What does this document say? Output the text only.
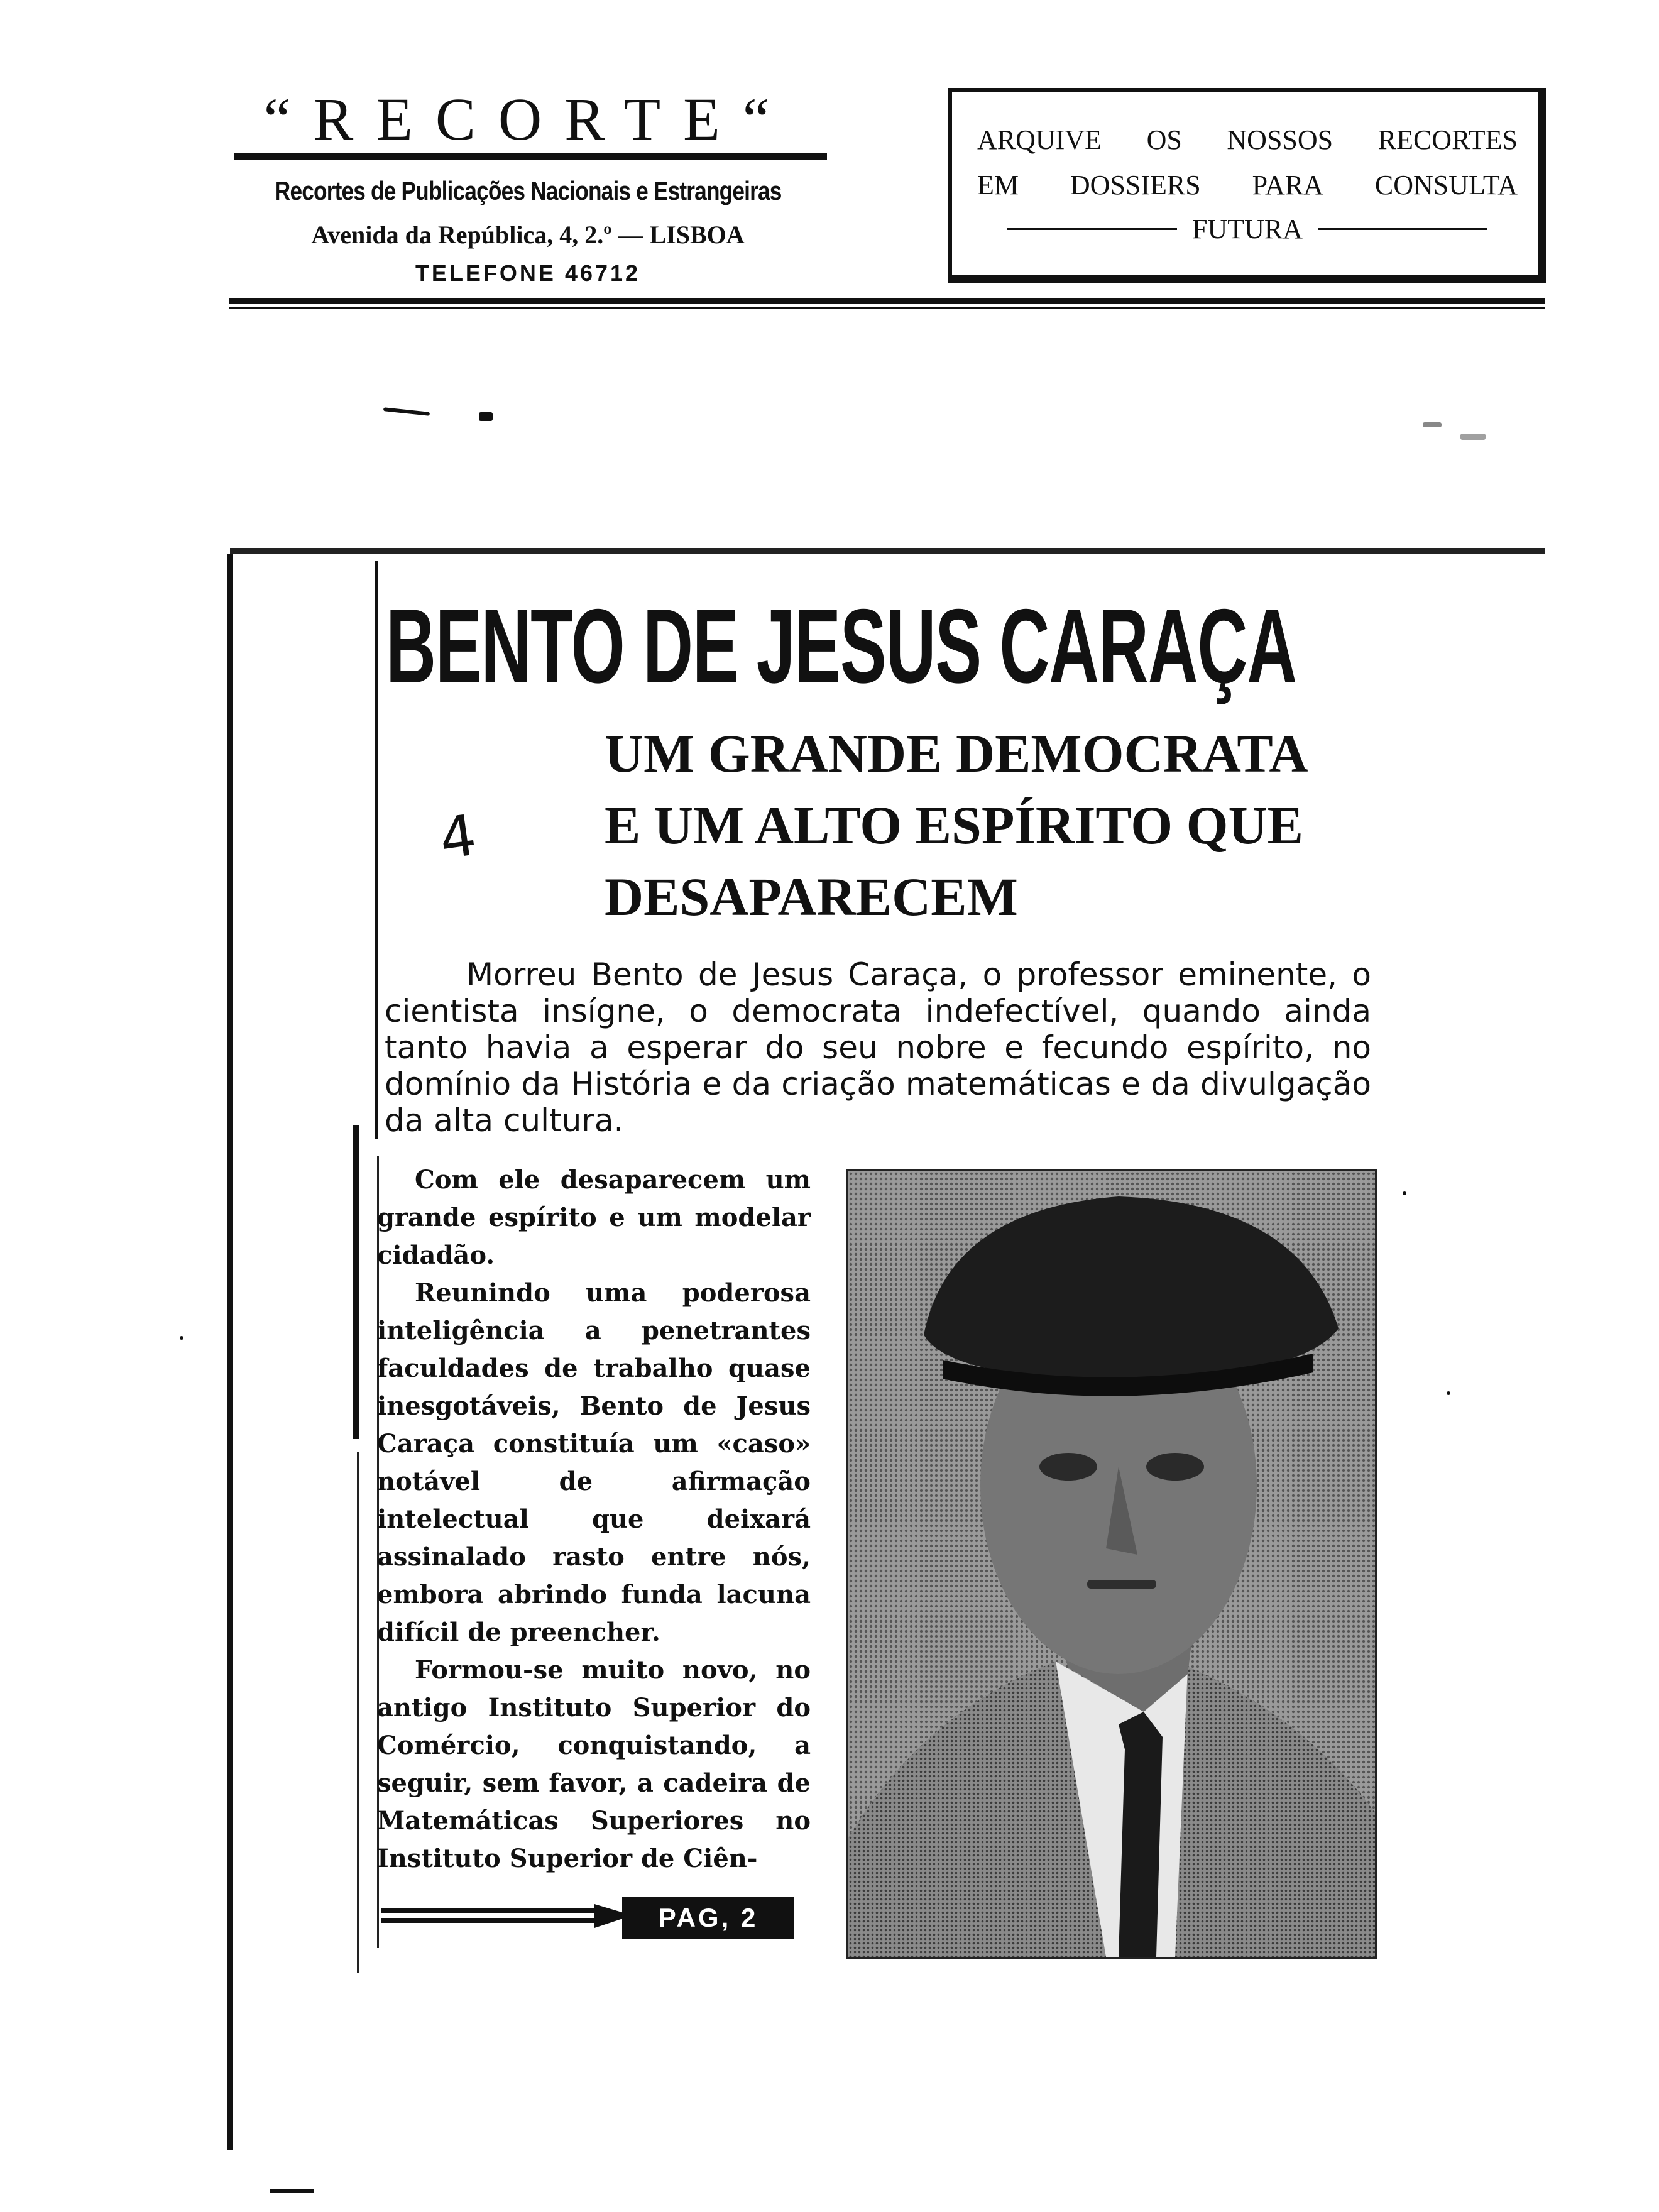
“RECORTE“
Recortes de Publicações Nacionais e Estrangeiras
Avenida da República, 4, 2.º — LISBOA
TELEFONE 46712
ARQUIVE OS NOSSOS RECORTES
EM DOSSIERS PARA CONSULTA
FUTURA
BENTO DE JESUS CARAÇA
UM GRANDE DEMOCRATA
E UM ALTO ESPÍRITO QUE
DESAPARECEM
4

Morreu Bento de Jesus Caraça, o professor eminente, o cientista insígne, o democrata indefectível, quando ainda tanto havia a esperar do seu nobre e fecundo espírito, no domínio da História e da criação matemáticas e da divulgação da alta cultura.

Com ele desaparecem um grande espírito e um modelar cidadão.

Reunindo uma poderosa inteligência a penetrantes faculdades de trabalho quase inesgotáveis, Bento de Jesus Caraça constituía um «caso» notável de afirmação intelectual que deixará assinalado rasto entre nós, embora abrindo funda lacuna difícil de preencher.

Formou-se muito novo, no antigo Instituto Superior do Comércio, conquistando, a seguir, sem favor, a cadeira de Matemáticas Superiores no Instituto Superior de Ciên-

PAG, 2
